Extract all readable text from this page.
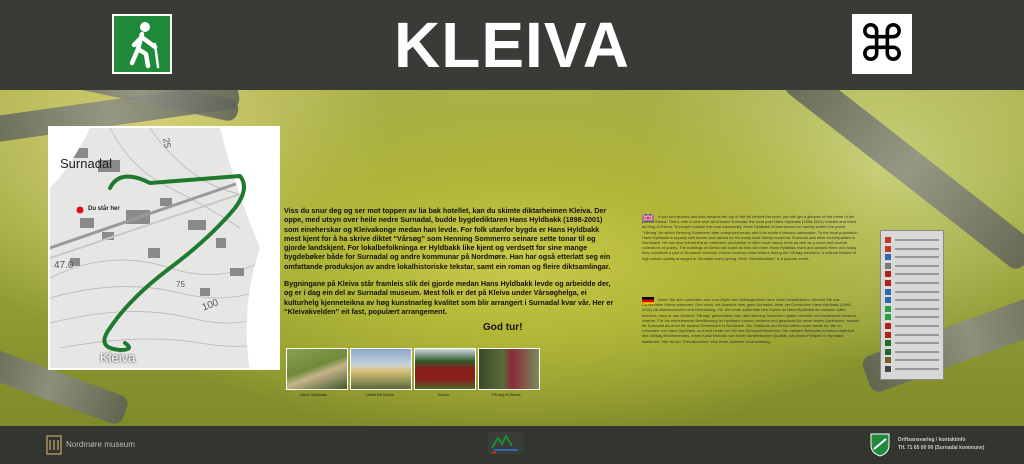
KLEIVA	⌘
Surnadal
Du står her
Kleiva
25
47.0
75
100

Viss du snur deg og ser mot toppen av lia bak hotellet, kan du skimte diktarheimen Kleiva. Der oppe, med utsyn over heile nedre Surnadal, budde bygdediktaren Hans Hyldbakk (1898-2001) som eineherskar og Kleivakonge medan han levde. For folk utanfor bygda er Hans Hyldbakk mest kjent for å ha skrive diktet “Vårsøg” som Henning Sommerro seinare sette tonar til og gjorde landskjent. For lokalbefolkninga er Hyldbakk like kjent og verdsett for sine mange bygdebøker både for Surnadal og andre kommunar på Nordmøre. Han har også etterlatt seg ein omfattande produksjon av andre lokalhistoriske tekstar, samt ein roman og fleire diktsamlingar.

Bygningane på Kleiva står framleis slik dei gjorde medan Hans Hyldbakk levde og arbeidde der, og er i dag ein del av Surnadal museum. Mest folk er det på Kleiva under Vårsøghelga, ei kulturhelg kjenneteikna av høg kunstnarleg kvalitet som blir arrangert i Surnadal kvar vår. Her er “Kleivakvelden” eit fast, populært arrangement.

God tur!
Hans Hyldbakk	Utsikt frå Kleiva	Kleiva	På veg til Kleiva
If you turn around and look towards the top of the hill behind the hotel, you will get a glimpse of the home of the poet at Kleiva. There, with a view over all of lower Surnadal, the local poet Hans Hyldbakk (1898-2001) resided and ruled as King of Kleiva. To people outside the rural community, Hans Hyldbakk is best known for having written the poem “Vårsøg” for which Henning Sommerro later composed music and thus made it famous nationwide. To the local population Hans Hyldbakk is equally well known and valued for his many local history books for Surnadal and other municipalities in Nordmøre. He has also left behind an extensive production of other local history texts as well as a novel and several collections of poetry. The buildings at Kleiva still stand as they did when Hans Hyldbakk lived and worked there and today they constitute a part of Surnadal museum. Kleiva receives most visitors during the Vårsøg weekend, a cultural festival of high artistic quality arranged in Surnadal every spring. Here “Kleivakvelden” is a popular event.
Wenn Sie sich umdrehen und zum Gipfel des Abhangs hinter dem Hotel hinaufblicken, können Sie das Dichterheim Kleiva erkennen. Dort oben, mit Aussicht über ganz Surnadal, lebte der Dorfdichter Hans Hyldbakk (1898-2001) als Alleinherrscher und Kleivakönig. Für die Leute außerhalb des Dorfes ist Hans Hyldbakk am meisten dafür bekannt, dass er das Gedicht “Vårsøg” geschrieben hat, das Henning Sommerro später vertonte und landesweit bekannt machte. Für die einheimische Bevölkerung ist Hyldbakk ebenso bekannt und geschätzt für seine vielen Dorfbücher, sowohl für Surnadal als auch für andere Gemeinden in Nordmøre. Die Gebäude auf Kleiva stehen noch heute so, wie zu Lebzeiten von Hans Hyldbakk, und sind heute ein Teil des Surnadal Museums. Die meisten Besucher kommen während des Vårsøg-Wochenendes, eines Kulturfestivals von hoher künstlerischer Qualität, das jedes Frühjahr in Surnadal stattfindet. Hier ist der “Kleivakvelden” eine feste, beliebte Veranstaltung.
Nordmøre museum	Driftsansvarleg / kontaktinfo
Tlf. 71 65 00 00 (Surnadal kommune)
